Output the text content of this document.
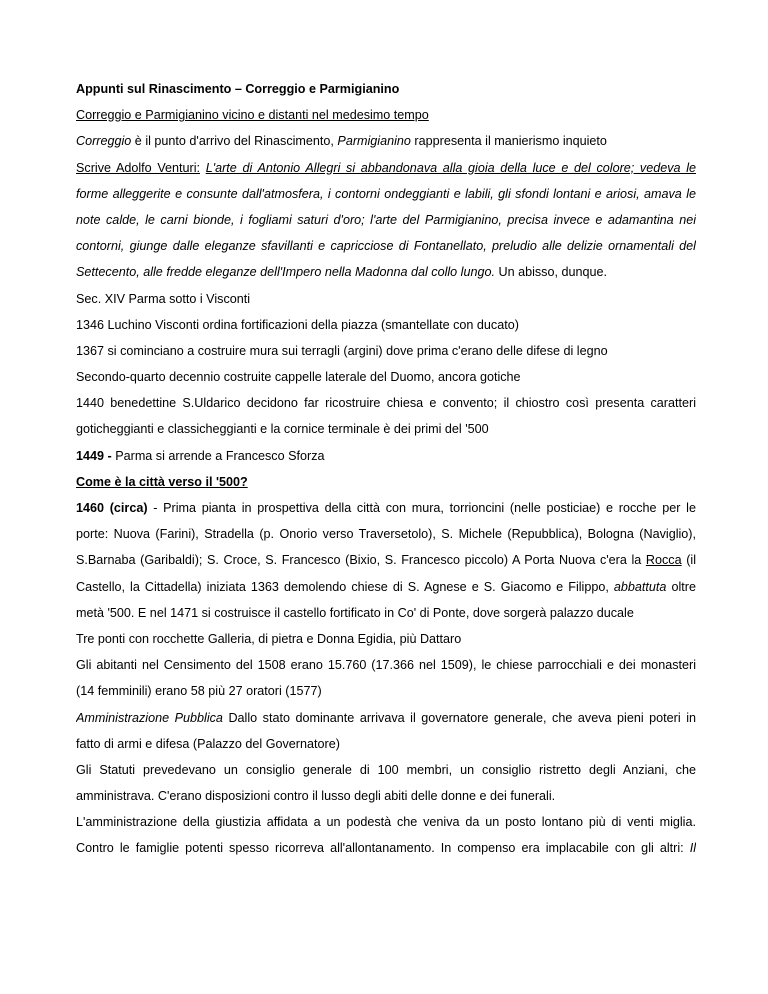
Appunti sul Rinascimento – Correggio e Parmigianino
Correggio e Parmigianino vicino e distanti nel medesimo tempo
Correggio è il punto d'arrivo del Rinascimento, Parmigianino rappresenta il manierismo inquieto
Scrive Adolfo Venturi: L'arte di Antonio Allegri si abbandonava alla gioia della luce e del colore; vedeva le
forme alleggerite e consunte dall'atmosfera, i contorni ondeggianti e labili, gli sfondi lontani e ariosi, amava le
note calde, le carni bionde, i fogliami saturi d'oro; l'arte del Parmigianino, precisa invece e adamantina nei
contorni, giunge dalle eleganze sfavillanti e capricciose di Fontanellato, preludio alle delizie ornamentali del
Settecento, alle fredde eleganze dell'Impero nella Madonna dal collo lungo. Un abisso, dunque.
Sec. XIV Parma sotto i Visconti
1346 Luchino Visconti ordina fortificazioni della piazza (smantellate con ducato)
1367 si cominciano a costruire mura sui terragli (argini) dove prima c'erano delle difese di legno
Secondo-quarto decennio costruite cappelle laterale del Duomo, ancora gotiche
1440 benedettine S.Uldarico decidono far ricostruire chiesa e convento; il chiostro così presenta caratteri
goticheggianti e classicheggianti e la cornice terminale è dei primi del '500
1449 - Parma si arrende a Francesco Sforza
Come è la città verso il '500?
1460 (circa) - Prima pianta in prospettiva della città con mura, torrioncini (nelle posticiae) e rocche per le
porte: Nuova (Farini), Stradella (p. Onorio verso Traversetolo), S. Michele (Repubblica), Bologna (Naviglio),
S.Barnaba (Garibaldi); S. Croce, S. Francesco (Bixio, S. Francesco piccolo) A Porta Nuova c'era la Rocca (il
Castello, la Cittadella) iniziata 1363 demolendo chiese di S. Agnese e S. Giacomo e Filippo, abbattuta oltre
metà '500. E nel 1471 si costruisce il castello fortificato in Co' di Ponte, dove sorgerà palazzo ducale
Tre ponti con rocchette Galleria, di pietra e Donna Egidia, più Dattaro
Gli abitanti nel Censimento del 1508 erano 15.760 (17.366 nel 1509), le chiese parrocchiali e dei monasteri
(14 femminili) erano 58 più 27 oratori (1577)
Amministrazione Pubblica Dallo stato dominante arrivava il governatore generale, che aveva pieni poteri in
fatto di armi e difesa (Palazzo del Governatore)
Gli Statuti prevedevano un consiglio generale di 100 membri, un consiglio ristretto degli Anziani, che
amministrava. C'erano disposizioni contro il lusso degli abiti delle donne e dei funerali.
L'amministrazione della giustizia affidata a un podestà che veniva da un posto lontano più di venti miglia.
Contro le famiglie potenti spesso ricorreva all'allontanamento. In compenso era implacabile con gli altri: Il
